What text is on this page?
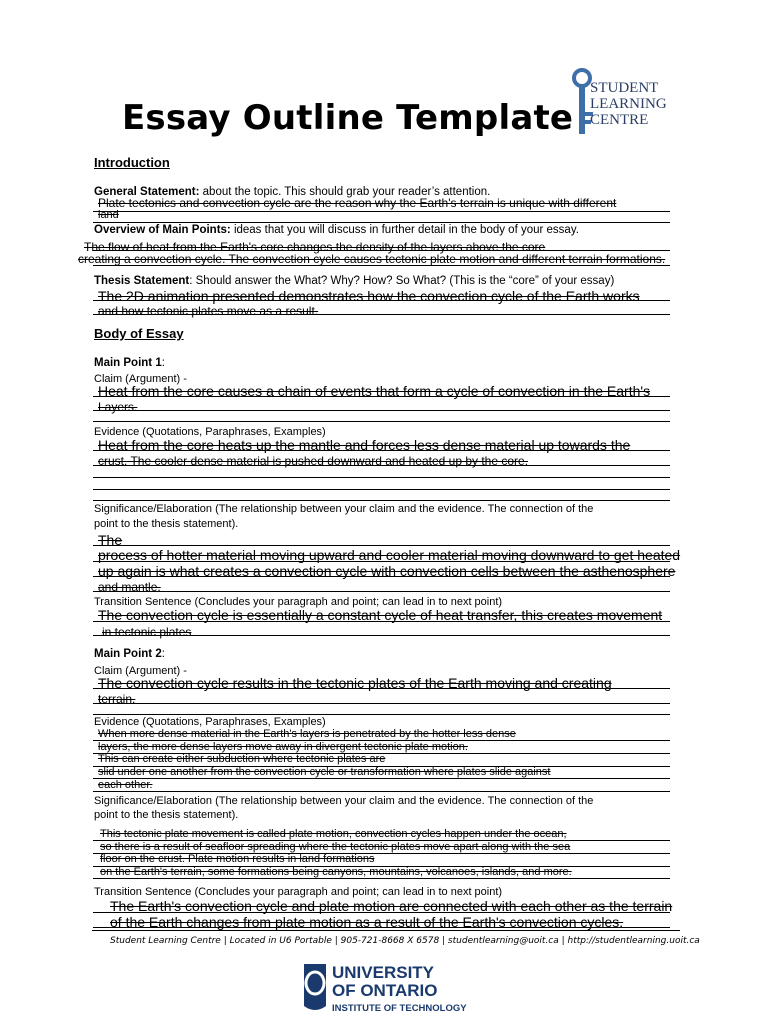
Essay Outline Template
STUDENT
LEARNING
CENTRE
Introduction
General Statement: about the topic. This should grab your reader’s attention.
Plate tectonics and convection cycle are the reason why the Earth's terrain is unique with different
land
Overview of Main Points: ideas that you will discuss in further detail in the body of your essay.
The flow of heat from the Earth's core changes the density of the layers above the core
creating a convection cycle. The convection cycle causes tectonic plate motion and different terrain formations.
Thesis Statement: Should answer the What? Why? How? So What? (This is the “core” of your essay)
The 2D animation presented demonstrates how the convection cycle of the Earth works
and how tectonic plates move as a result.
Body of Essay
Main Point 1:
Claim (Argument) -
Heat from the core causes a chain of events that form a cycle of convection in the Earth's
Layers.
Evidence (Quotations, Paraphrases, Examples)
Heat from the core heats up the mantle and forces less dense material up towards the
crust. The cooler dense material is pushed downward and heated up by the core.
Significance/Elaboration (The relationship between your claim and the evidence. The connection of the
point to the thesis statement).
The
process of hotter material moving upward and cooler material moving downward to get heated
up again is what creates a convection cycle with convection cells between the asthenosphere
and mantle.
Transition Sentence (Concludes your paragraph and point; can lead in to next point)
The convection cycle is essentially a constant cycle of heat transfer, this creates movement
in tectonic plates
Main Point 2:
Claim (Argument) -
The convection cycle results in the tectonic plates of the Earth moving and creating
terrain.
Evidence (Quotations, Paraphrases, Examples)
When more dense material in the Earth's layers is penetrated by the hotter less dense
layers, the more dense layers move away in divergent tectonic plate motion.
This can create either subduction where tectonic plates are
slid under one another from the convection cycle or transformation where plates slide against
each other.
Significance/Elaboration (The relationship between your claim and the evidence. The connection of the
point to the thesis statement).
This tectonic plate movement is called plate motion, convection cycles happen under the ocean,
so there is a result of seafloor spreading where the tectonic plates move apart along with the sea
floor on the crust. Plate motion results in land formations
on the Earth's terrain, some formations being canyons, mountains, volcanoes, islands, and more.
Transition Sentence (Concludes your paragraph and point; can lead in to next point)
The Earth's convection cycle and plate motion are connected with each other as the terrain
of the Earth changes from plate motion as a result of the Earth's convection cycles.
Student Learning Centre | Located in U6 Portable | 905-721-8668 X 6578 | studentlearning@uoit.ca | http://studentlearning.uoit.ca
UNIVERSITY
OF ONTARIO
INSTITUTE OF TECHNOLOGY
